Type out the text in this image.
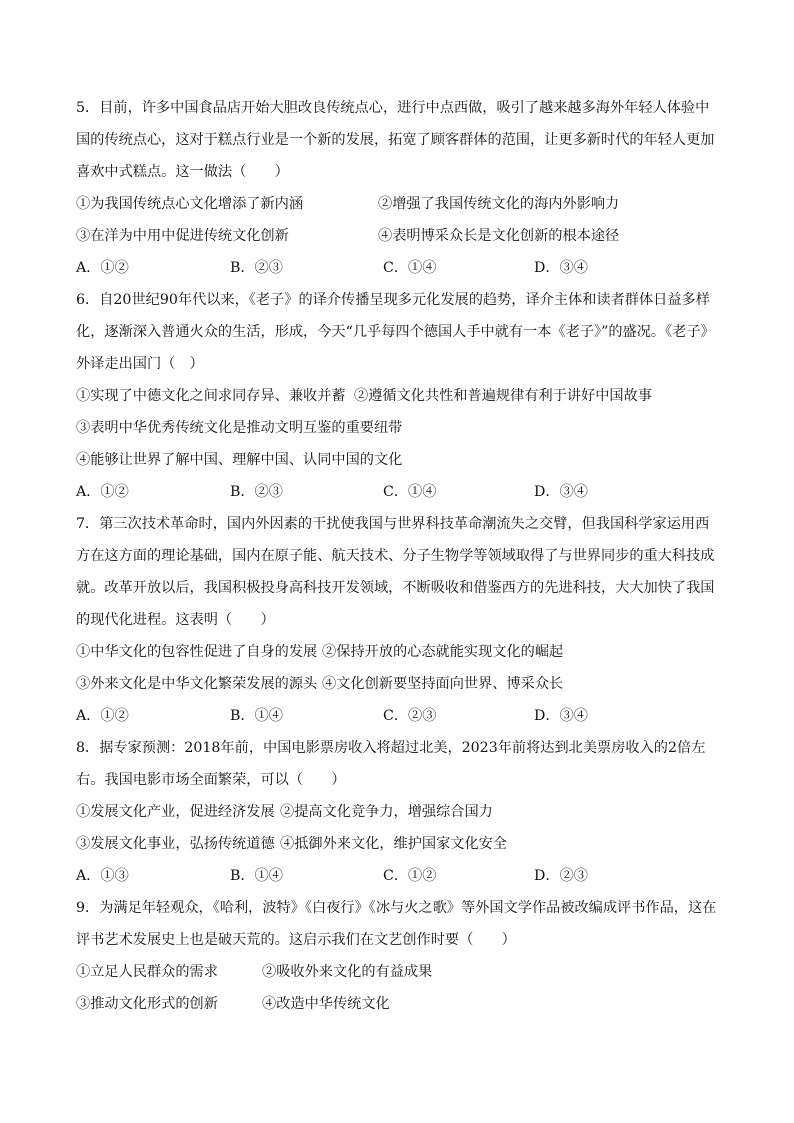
5．目前，许多中国食品店开始大胆改良传统点心，进行中点西做，吸引了越来越多海外年轻人体验中国的传统点心，这对于糕点行业是一个新的发展，拓宽了顾客群体的范围，让更多新时代的年轻人更加喜欢中式糕点。这一做法（　　）

①为我国传统点心文化增添了新内涵	②增强了我国传统文化的海内外影响力
③在洋为中用中促进传统文化创新	④表明博采众长是文化创新的根本途径
A．①②	B．②③	C．①④	D．③④

6．自20世纪90年代以来，《老子》的译介传播呈现多元化发展的趋势，译介主体和读者群体日益多样化，逐渐深入普通火众的生活，形成，今天“几乎每四个德国人手中就有一本《老子》”的盛况。《老子》外译走出国门（　）

①实现了中德文化之间求同存异、兼收并蓄 ②遵循文化共性和普遍规律有利于讲好中国故事
③表明中华优秀传统文化是推动文明互鉴的重要纽带
④能够让世界了解中国、理解中国、认同中国的文化
A．①②	B．②③	C．①④	D．③④

7．第三次技术革命时，国内外因素的干扰使我国与世界科技革命潮流失之交臂，但我国科学家运用西方在这方面的理论基础，国内在原子能、航天技术、分子生物学等领域取得了与世界同步的重大科技成就。改革开放以后，我国积极投身高科技开发领域，不断吸收和借鉴西方的先进科技，大大加快了我国的现代化进程。这表明（　　）

①中华文化的包容性促进了自身的发展 ②保持开放的心态就能实现文化的崛起
③外来文化是中华文化繁荣发展的源头 ④文化创新要坚持面向世界、博采众长
A．①②	B．①④	C．②③	D．③④

8．据专家预测：2018年前，中国电影票房收入将超过北美，2023年前将达到北美票房收入的2倍左右。我国电影市场全面繁荣，可以（　　）

①发展文化产业，促进经济发展 ②提高文化竞争力，增强综合国力
③发展文化事业，弘扬传统道德 ④抵御外来文化，维护国家文化安全
A．①③	B．①④	C．①②	D．②③

9．为满足年轻观众，《哈利，波特》《白夜行》《冰与火之歌》等外国文学作品被改编成评书作品，这在评书艺术发展史上也是破天荒的。这启示我们在文艺创作时要（　　）

①立足人民群众的需求	②吸收外来文化的有益成果
③推动文化形式的创新	④改造中华传统文化
